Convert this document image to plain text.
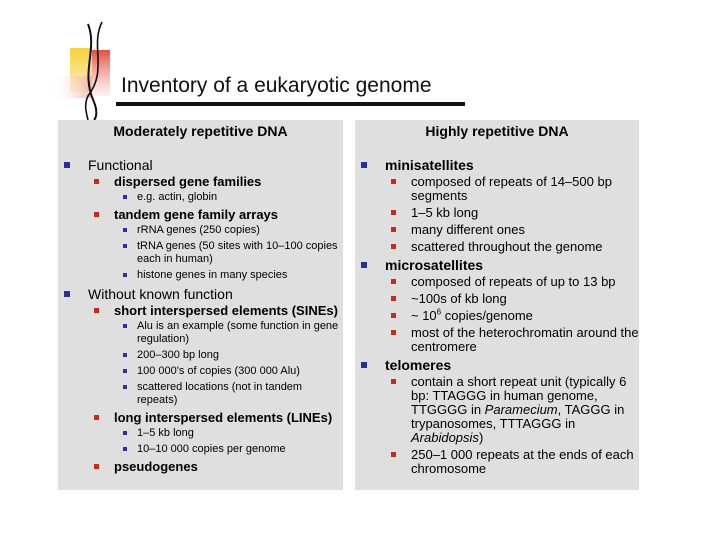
Inventory of a eukaryotic genome
Moderately repetitive DNA
Functional
dispersed gene families
e.g. actin, globin
tandem gene family arrays
rRNA genes (250 copies)
tRNA genes (50 sites with 10–100 copies each in human)
histone genes in many species
Without known function
short interspersed elements (SINEs)
Alu is an example (some function in gene regulation)
200–300 bp long
100 000's of copies (300 000 Alu)
scattered locations (not in tandem repeats)
long interspersed elements (LINEs)
1–5 kb long
10–10 000 copies per genome
pseudogenes
Highly repetitive DNA
minisatellites
composed of repeats of 14–500 bp segments
1–5 kb long
many different ones
scattered throughout the genome
microsatellites
composed of repeats of up to 13 bp
~100s of kb long
~ $10^6$ copies/genome
most of the heterochromatin around the centromere
telomeres
contain a short repeat unit (typically 6 bp: TTAGGG in human genome, TTGGGG in Paramecium, TAGGG in trypanosomes, TTTAGGG in Arabidopsis)
250–1 000 repeats at the ends of each chromosome
